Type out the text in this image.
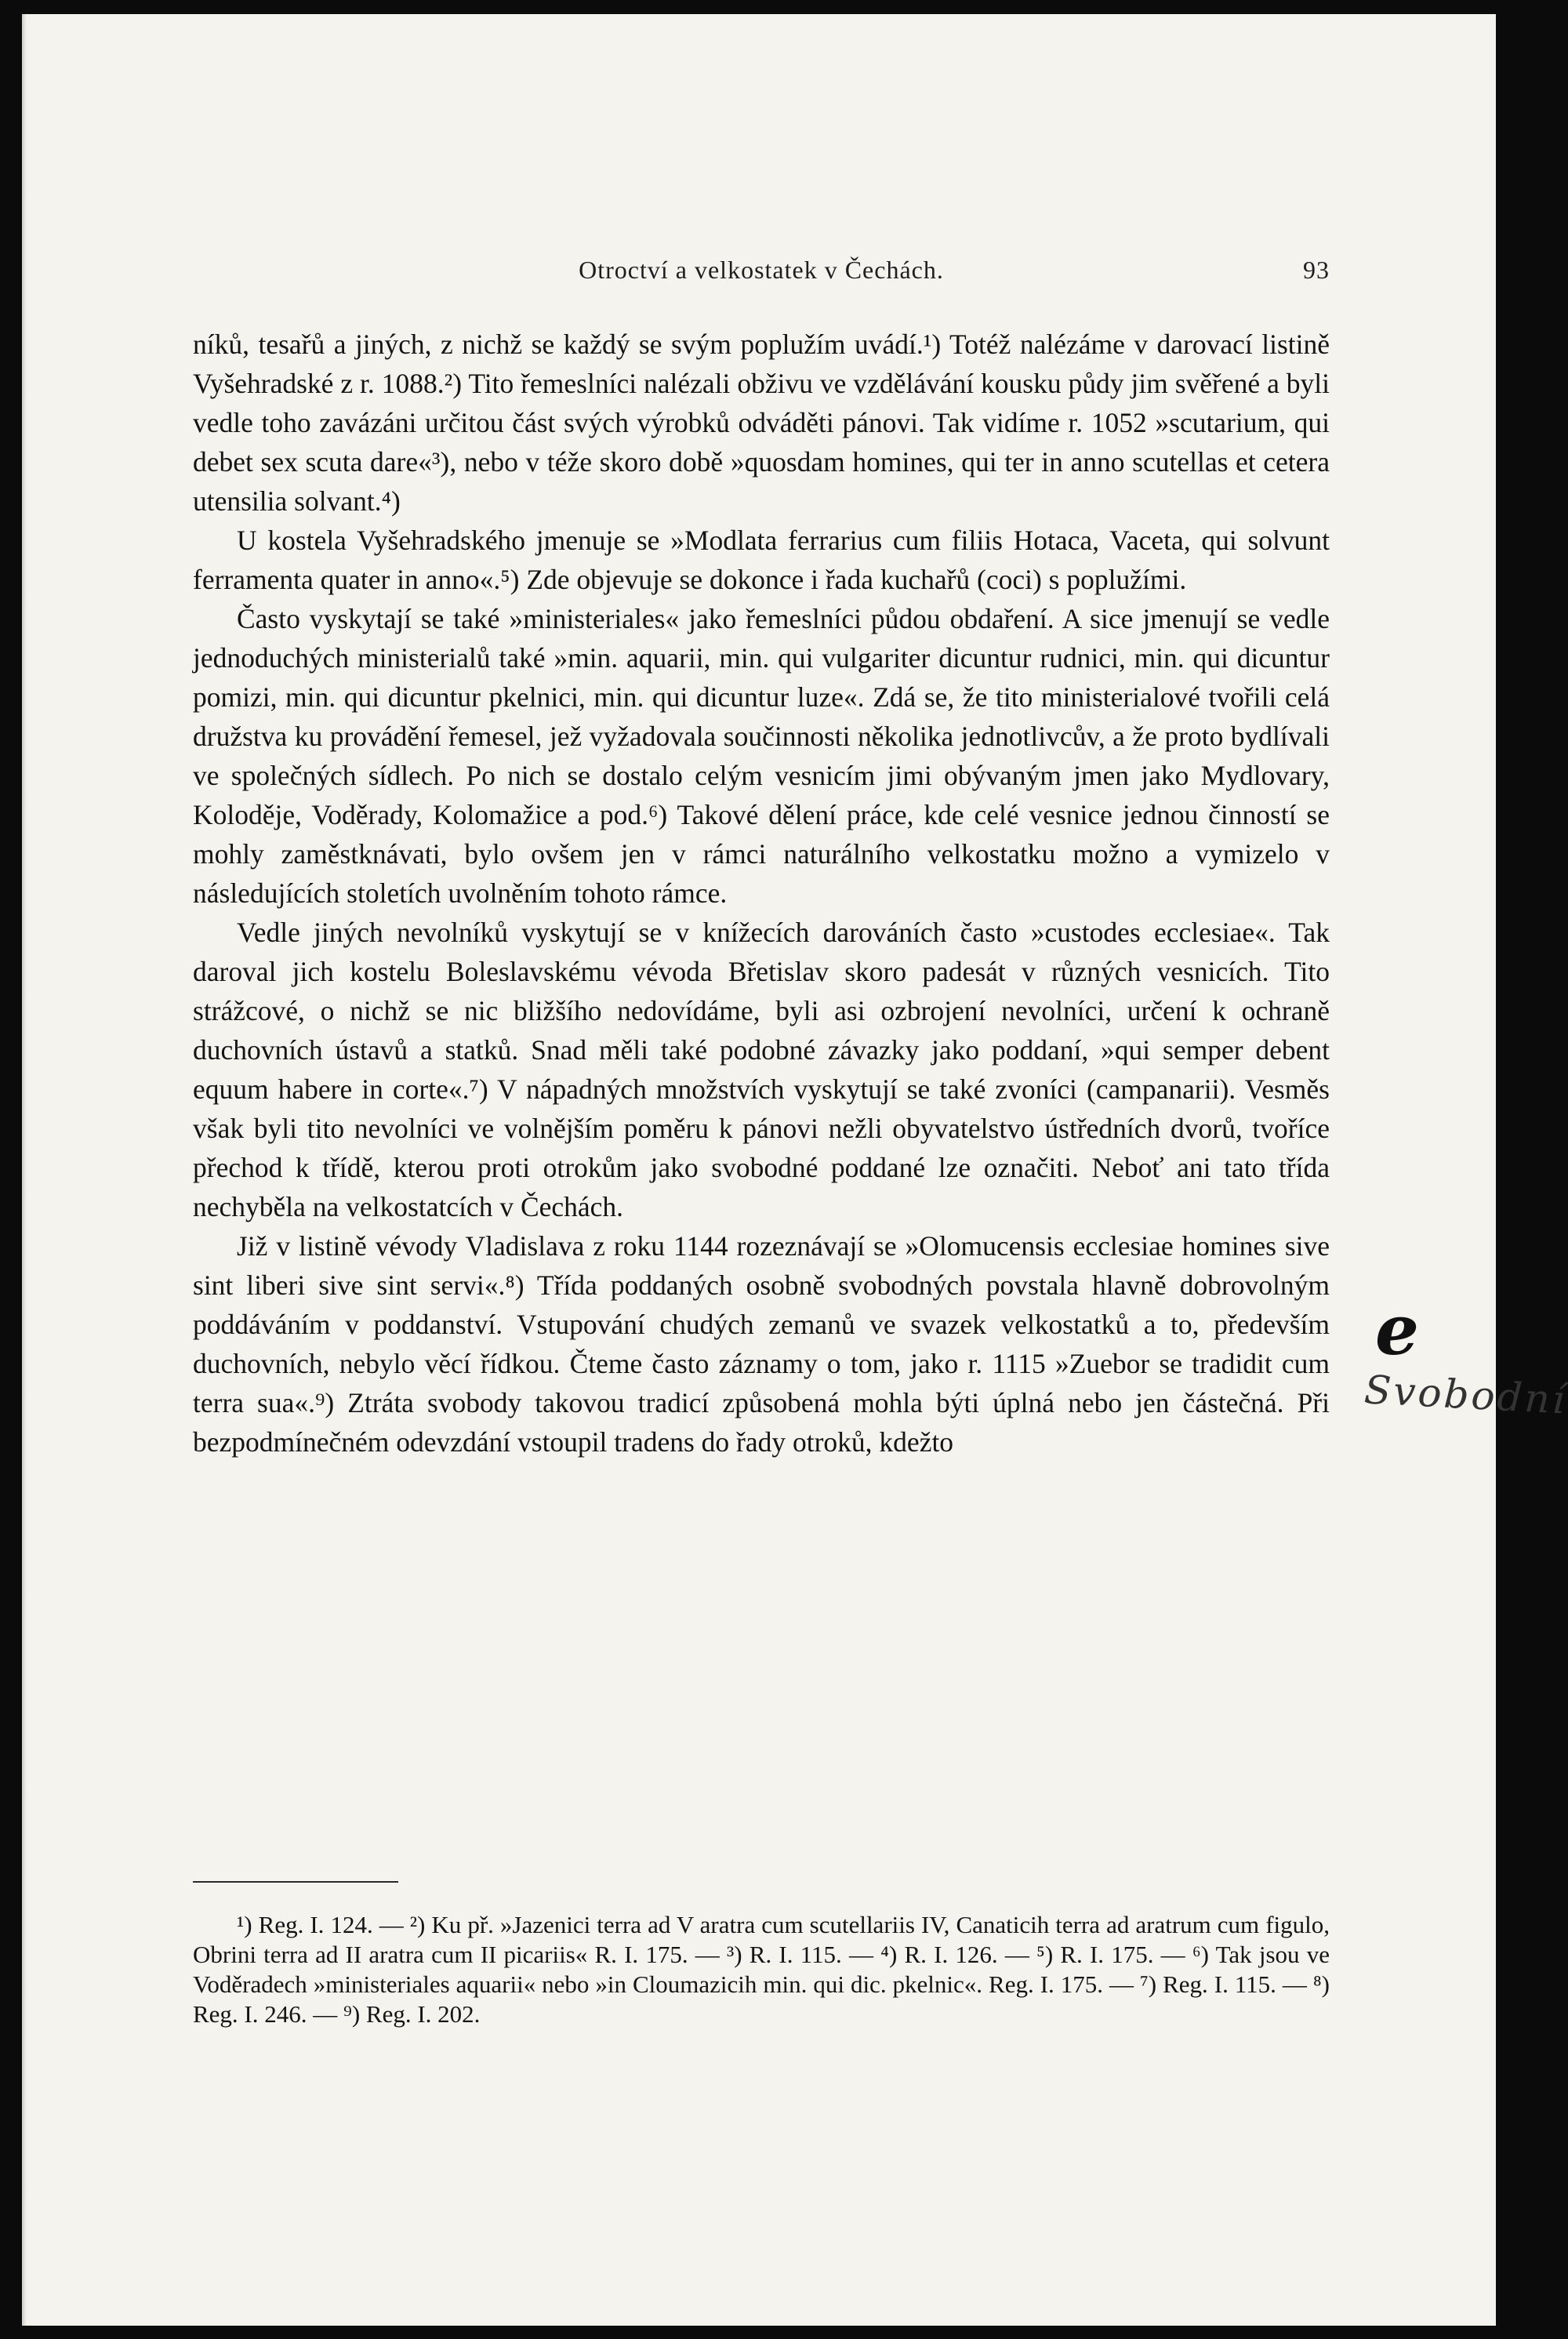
Otroctví a velkostatek v Čechách.	93

níků, tesařů a jiných, z nichž se každý se svým poplužím uvádí.¹) Totéž nalézáme v darovací listině Vyšehradské z r. 1088.²) Tito řemeslníci nalézali obživu ve vzdělávání kousku půdy jim svěřené a byli vedle toho zavázáni určitou část svých výrobků odváděti pánovi. Tak vidíme r. 1052 »scutarium, qui debet sex scuta dare«³), nebo v téže skoro době »quosdam homines, qui ter in anno scutellas et cetera utensilia solvant.⁴)

U kostela Vyšehradského jmenuje se »Modlata ferrarius cum filiis Hotaca, Vaceta, qui solvunt ferramenta quater in anno«.⁵) Zde objevuje se dokonce i řada kuchařů (coci) s poplužími.

Často vyskytají se také »ministeriales« jako řemeslníci půdou obdaření. A sice jmenují se vedle jednoduchých ministerialů také »min. aquarii, min. qui vulgariter dicuntur rudnici, min. qui dicuntur pomizi, min. qui dicuntur pkelnici, min. qui dicuntur luze«. Zdá se, že tito ministerialové tvořili celá družstva ku provádění řemesel, jež vyžadovala součinnosti několika jednotlivcův, a že proto bydlívali ve společných sídlech. Po nich se dostalo celým vesnicím jimi obývaným jmen jako Mydlovary, Koloděje, Voděrady, Kolomažice a pod.⁶) Takové dělení práce, kde celé vesnice jednou činností se mohly zaměstknávati, bylo ovšem jen v rámci naturálního velkostatku možno a vymizelo v následujících stoletích uvolněním tohoto rámce.

Vedle jiných nevolníků vyskytují se v knížecích darováních často »custodes ecclesiae«. Tak daroval jich kostelu Boleslavskému vévoda Břetislav skoro padesát v různých vesnicích. Tito strážcové, o nichž se nic bližšího nedovídáme, byli asi ozbrojení nevolníci, určení k ochraně duchovních ústavů a statků. Snad měli také podobné závazky jako poddaní, »qui semper debent equum habere in corte«.⁷) V nápadných množstvích vyskytují se také zvoníci (campanarii). Vesměs však byli tito nevolníci ve volnějším poměru k pánovi nežli obyvatelstvo ústředních dvorů, tvoříce přechod k třídě, kterou proti otrokům jako svobodné poddané lze označiti. Neboť ani tato třída nechyběla na velkostatcích v Čechách.

Již v listině vévody Vladislava z roku 1144 rozeznávají se »Olomucensis ecclesiae homines sive sint liberi sive sint servi«.⁸) Třída poddaných osobně svobodných povstala hlavně dobrovolným poddáváním v poddanství. Vstupování chudých zemanů ve svazek velkostatků a to, především duchovních, nebylo věcí řídkou. Čteme často záznamy o tom, jako r. 1115 »Zuebor se tradidit cum terra sua«.⁹) Ztráta svobody takovou tradicí způsobená mohla býti úplná nebo jen částečná. Při bezpodmínečném odevzdání vstoupil tradens do řady otroků, kdežto

¹) Reg. I. 124. — ²) Ku př. »Jazenici terra ad V aratra cum scutellariis IV, Canaticih terra ad aratrum cum figulo, Obrini terra ad II aratra cum II picariis« R. I. 175. — ³) R. I. 115. — ⁴) R. I. 126. — ⁵) R. I. 175. — ⁶) Tak jsou ve Voděradech »ministeriales aquarii« nebo »in Cloumazicih min. qui dic. pkelnic«. Reg. I. 175. — ⁷) Reg. I. 115. — ⁸) Reg. I. 246. — ⁹) Reg. I. 202.

e
Svobodní
